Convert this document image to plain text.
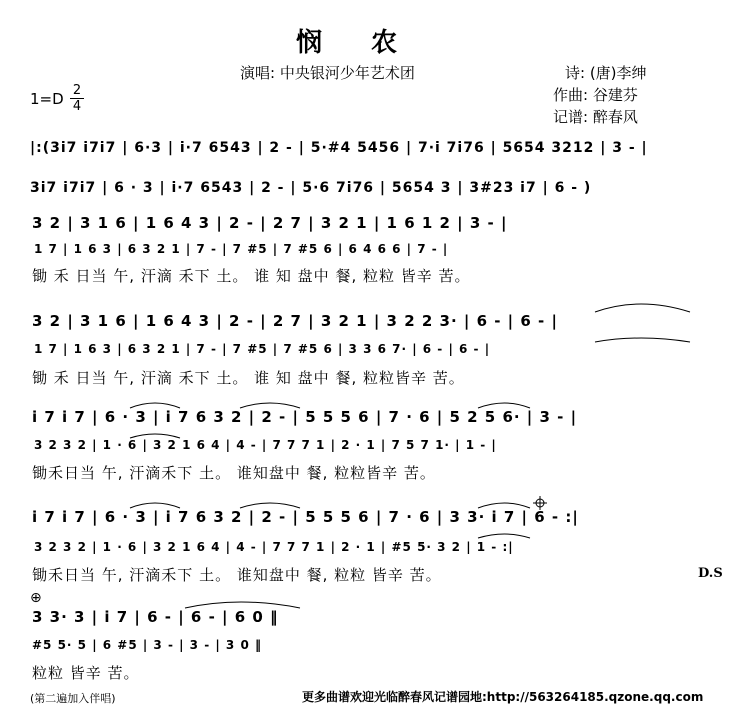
悯 农
演唱: 中央银河少年艺术团	诗: (唐)李绅
作曲: 谷建芬
记谱: 醉春风
1=D 2
4
|:(3i7 i7i7 | 6·3 | i·7 6543 | 2 - | 5·#4 5456 | 7·i 7i76 | 5654 3212 | 3 - |
3i7 i7i7 | 6 · 3 | i·7 6543 | 2 - | 5·6 7i76 | 5654 3 | 3#23 i7 | 6 - )
3 2 | 3 1 6 | 1 6 4 3 | 2 - | 2 7 | 3 2 1 | 1 6 1 2 | 3 - |
1 7 | 1 6 3 | 6 3 2 1 | 7 - | 7 #5 | 7 #5 6 | 6 4 6 6 | 7 - |
锄 禾 日当 午, 汗滴 禾下 土。 谁 知 盘中 餐, 粒粒 皆辛 苦。
3 2 | 3 1 6 | 1 6 4 3 | 2 - | 2 7 | 3 2 1 | 3 2 2 3· | 6 - | 6 - |
1 7 | 1 6 3 | 6 3 2 1 | 7 - | 7 #5 | 7 #5 6 | 3 3 6 7· | 6 - | 6 - |
锄 禾 日当 午, 汗滴 禾下 土。 谁 知 盘中 餐, 粒粒皆辛 苦。
i 7 i 7 | 6 · 3 | i 7 6 3 2 | 2 - | 5 5 5 6 | 7 · 6 | 5 2 5 6· | 3 - |
3 2 3 2 | 1 · 6 | 3 2 1 6 4 | 4 - | 7 7 7 1 | 2 · 1 | 7 5 7 1· | 1 - |
锄禾日当 午, 汗滴禾下 土。 谁知盘中 餐, 粒粒皆辛 苦。
i 7 i 7 | 6 · 3 | i 7 6 3 2 | 2 - | 5 5 5 6 | 7 · 6 | 3 3· i 7 | 6 - :|
3 2 3 2 | 1 · 6 | 3 2 1 6 4 | 4 - | 7 7 7 1 | 2 · 1 | #5 5· 3 2 | 1 - :|
锄禾日当 午, 汗滴禾下 土。 谁知盘中 餐, 粒粒 皆辛 苦。	D.S
⊕
3 3· 3 | i 7 | 6 - | 6 - | 6 0 ‖
#5 5· 5 | 6 #5 | 3 - | 3 - | 3 0 ‖
粒粒 皆辛 苦。
(第二遍加入伴唱)	更多曲谱欢迎光临醉春风记谱园地:http://563264185.qzone.qq.com
